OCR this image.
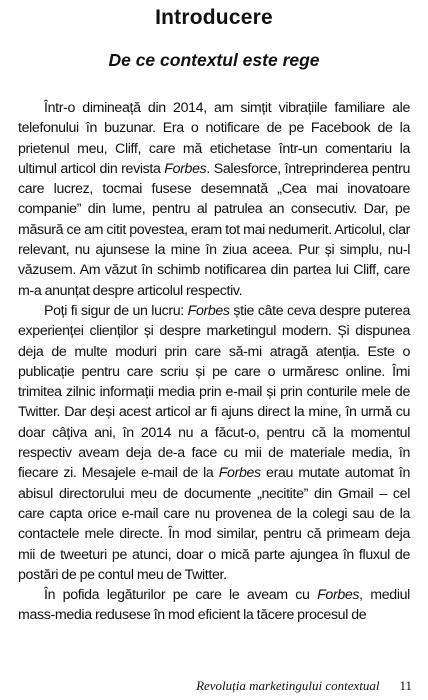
Introducere
De ce contextul este rege

Într-o dimineață din 2014, am simțit vibrațiile familiare ale telefonului în buzunar. Era o notificare de pe Facebook de la prietenul meu, Cliff, care mă etichetase într-un comentariu la ultimul articol din revista Forbes. Salesforce, întreprinderea pentru care lucrez, tocmai fusese desemnată „Cea mai inovatoare companie” din lume, pentru al patrulea an consecutiv. Dar, pe măsură ce am citit povestea, eram tot mai nedumerit. Articolul, clar relevant, nu ajunsese la mine în ziua aceea. Pur și simplu, nu-l văzusem. Am văzut în schimb notificarea din partea lui Cliff, care m-a anunțat despre articolul respectiv.

Poți fi sigur de un lucru: Forbes știe câte ceva despre puterea experienței clienților și despre marketingul modern. Și dispunea deja de multe moduri prin care să-mi atragă atenția. Este o publicație pentru care scriu și pe care o urmăresc online. Îmi trimitea zilnic informații media prin e-mail și prin conturile mele de Twitter. Dar deși acest articol ar fi ajuns direct la mine, în urmă cu doar câțiva ani, în 2014 nu a făcut-o, pentru că la momentul respectiv aveam deja de-a face cu mii de materiale media, în fiecare zi. Mesajele e-mail de la Forbes erau mutate automat în abisul directorului meu de documente „necitite” din Gmail – cel care capta orice e-mail care nu provenea de la colegi sau de la contactele mele directe. În mod similar, pentru că primeam deja mii de tweeturi pe atunci, doar o mică parte ajungea în fluxul de postări de pe contul meu de Twitter.

În pofida legăturilor pe care le aveam cu Forbes, mediul mass-media redusese în mod eficient la tăcere procesul de

Revoluția marketingului contextual 11
